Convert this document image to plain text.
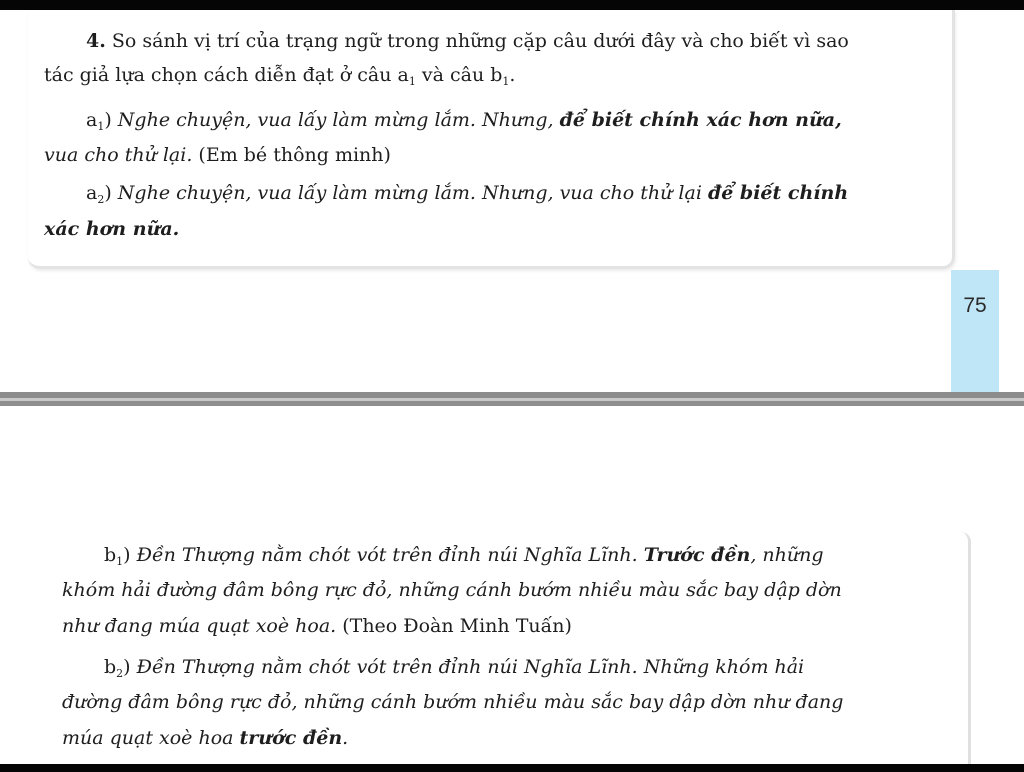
4. So sánh vị trí của trạng ngữ trong những cặp câu dưới đây và cho biết vì sao
tác giả lựa chọn cách diễn đạt ở câu $a_1$ và câu $b_1$.
$a_1$) Nghe chuyện, vua lấy làm mừng lắm. Nhưng, để biết chính xác hơn nữa,
vua cho thử lại. (Em bé thông minh)
$a_2$) Nghe chuyện, vua lấy làm mừng lắm. Nhưng, vua cho thử lại để biết chính
xác hơn nữa.
75
$b_1$) Đền Thượng nằm chót vót trên đỉnh núi Nghĩa Lĩnh. Trước đền, những
khóm hải đường đâm bông rực đỏ, những cánh bướm nhiều màu sắc bay dập dờn
như đang múa quạt xoè hoa. (Theo Đoàn Minh Tuấn)
$b_2$) Đền Thượng nằm chót vót trên đỉnh núi Nghĩa Lĩnh. Những khóm hải
đường đâm bông rực đỏ, những cánh bướm nhiều màu sắc bay dập dờn như đang
múa quạt xoè hoa trước đền.
